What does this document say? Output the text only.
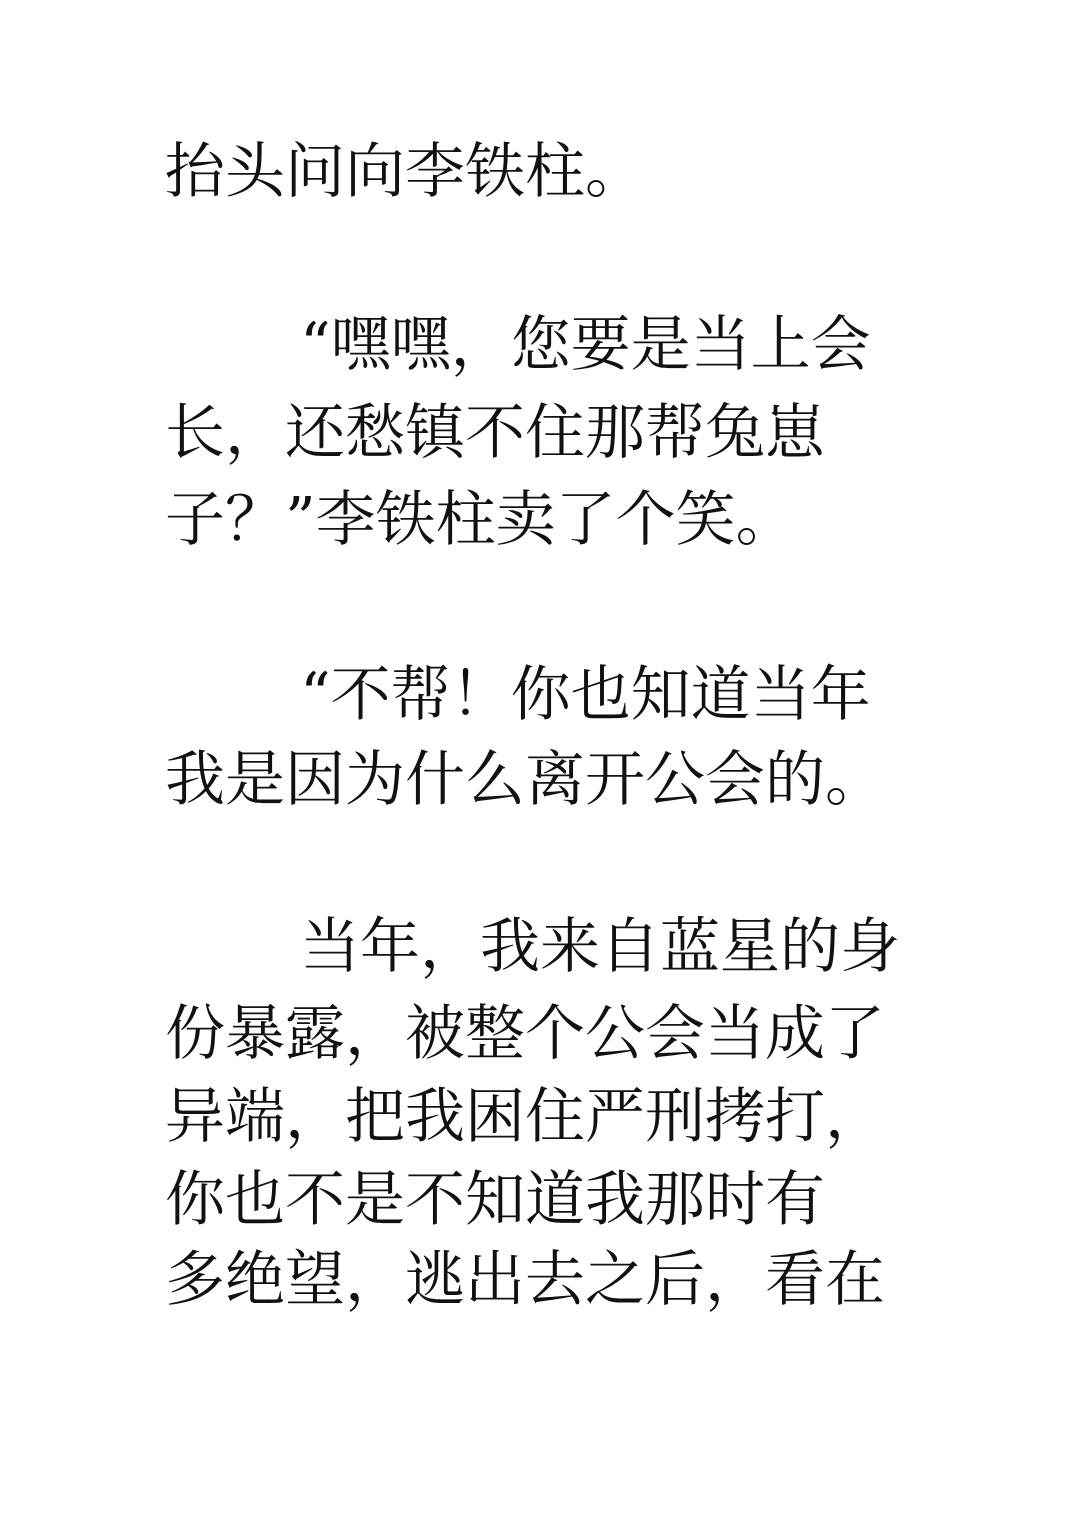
抬头问向李铁柱。
“嘿嘿，您要是当上会
长，还愁镇不住那帮兔崽
子？”李铁柱卖了个笑。
“不帮！你也知道当年
我是因为什么离开公会的。
当年，我来自蓝星的身
份暴露，被整个公会当成了
异端，把我困住严刑拷打，
你也不是不知道我那时有
多绝望，逃出去之后，看在
